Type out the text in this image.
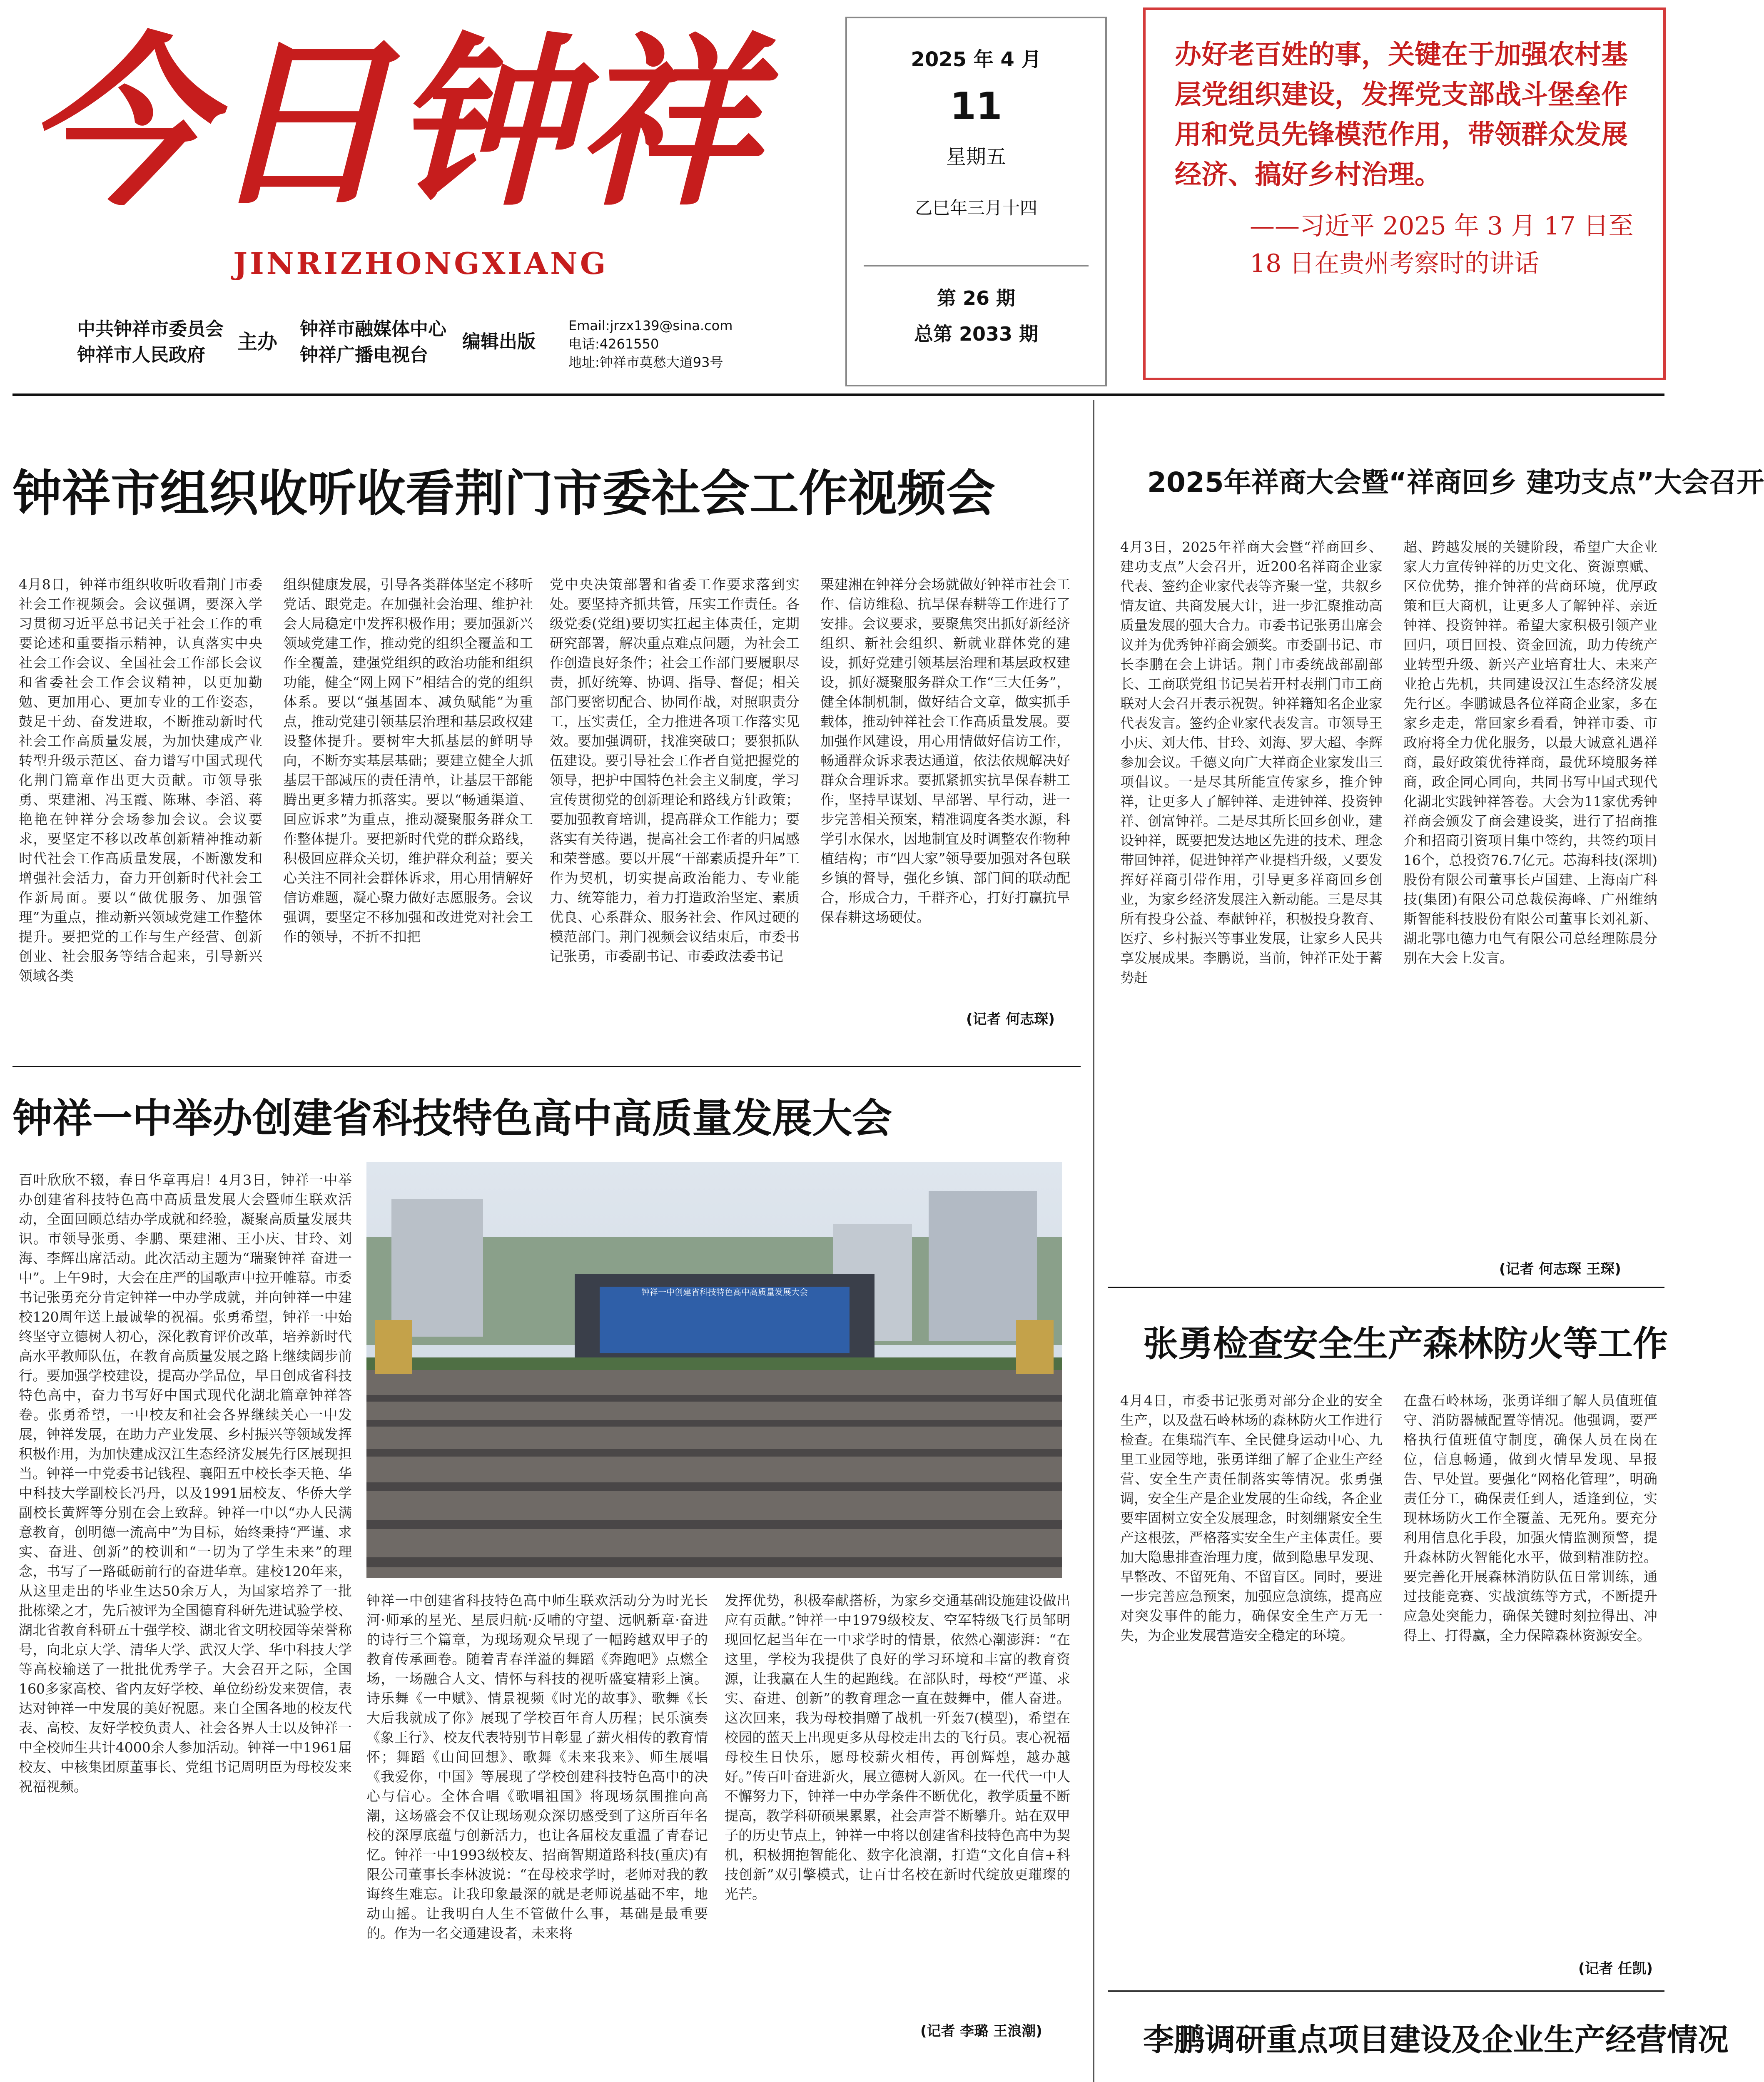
今日钟祥
JINRIZHONGXIANG
中共钟祥市委员会
钟祥市人民政府
主办
钟祥市融媒体中心
钟祥广播电视台
编辑出版
Email:jrzx139@sina.com
电话:4261550
地址:钟祥市莫愁大道93号
2025 年 4 月
11
星期五
乙巳年三月十四
第 26 期
总第 2033 期
办好老百姓的事，关键在于加强农村基层党组织建设，发挥党支部战斗堡垒作用和党员先锋模范作用，带领群众发展经济、搞好乡村治理。
——习近平 2025 年 3 月 17 日至 18 日在贵州考察时的讲话
钟祥市组织收听收看荆门市委社会工作视频会
4月8日，钟祥市组织收听收看荆门市委社会工作视频会。会议强调，要深入学习贯彻习近平总书记关于社会工作的重要论述和重要指示精神，认真落实中央社会工作会议、全国社会工作部长会议和省委社会工作会议精神，以更加勤勉、更加用心、更加专业的工作姿态，鼓足干劲、奋发进取，不断推动新时代社会工作高质量发展，为加快建成产业转型升级示范区、奋力谱写中国式现代化荆门篇章作出更大贡献。市领导张勇、栗建湘、冯玉霞、陈琳、李滔、蒋艳艳在钟祥分会场参加会议。会议要求，要坚定不移以改革创新精神推动新时代社会工作高质量发展，不断激发和增强社会活力，奋力开创新时代社会工作新局面。要以“做优服务、加强管理”为重点，推动新兴领域党建工作整体提升。要把党的工作与生产经营、创新创业、社会服务等结合起来，引导新兴领域各类
组织健康发展，引导各类群体坚定不移听党话、跟党走。在加强社会治理、维护社会大局稳定中发挥积极作用；要加强新兴领域党建工作，推动党的组织全覆盖和工作全覆盖，建强党组织的政治功能和组织功能，健全“网上网下”相结合的党的组织体系。要以“强基固本、减负赋能”为重点，推动党建引领基层治理和基层政权建设整体提升。要树牢大抓基层的鲜明导向，不断夯实基层基础；要建立健全大抓基层干部减压的责任清单，让基层干部能腾出更多精力抓落实。要以“畅通渠道、回应诉求”为重点，推动凝聚服务群众工作整体提升。要把新时代党的群众路线，积极回应群众关切，维护群众利益；要关心关注不同社会群体诉求，用心用情解好信访难题，凝心聚力做好志愿服务。会议强调，要坚定不移加强和改进党对社会工作的领导，不折不扣把
党中央决策部署和省委工作要求落到实处。要坚持齐抓共管，压实工作责任。各级党委(党组)要切实扛起主体责任，定期研究部署，解决重点难点问题，为社会工作创造良好条件；社会工作部门要履职尽责，抓好统筹、协调、指导、督促；相关部门要密切配合、协同作战，对照职责分工，压实责任，全力推进各项工作落实见效。要加强调研，找准突破口；要狠抓队伍建设。要引导社会工作者自觉把握党的领导，把护中国特色社会主义制度，学习宣传贯彻党的创新理论和路线方针政策；要加强教育培训，提高群众工作能力；要落实有关待遇，提高社会工作者的归属感和荣誉感。要以开展“干部素质提升年”工作为契机，切实提高政治能力、专业能力、统筹能力，着力打造政治坚定、素质优良、心系群众、服务社会、作风过硬的模范部门。荆门视频会议结束后，市委书记张勇，市委副书记、市委政法委书记
栗建湘在钟祥分会场就做好钟祥市社会工作、信访维稳、抗旱保春耕等工作进行了安排。会议要求，要聚焦突出抓好新经济组织、新社会组织、新就业群体党的建设，抓好党建引领基层治理和基层政权建设，抓好凝聚服务群众工作“三大任务”，健全体制机制，做好结合文章，做实抓手载体，推动钟祥社会工作高质量发展。要加强作风建设，用心用情做好信访工作，畅通群众诉求表达通道，依法依规解决好群众合理诉求。要抓紧抓实抗旱保春耕工作，坚持早谋划、早部署、早行动，进一步完善相关预案，精准调度各类水源，科学引水保水，因地制宜及时调整农作物种植结构；市“四大家”领导要加强对各包联乡镇的督导，强化乡镇、部门间的联动配合，形成合力，千群齐心，打好打赢抗旱保春耕这场硬仗。
(记者 何志琛)
2025年祥商大会暨“祥商回乡 建功支点”大会召开
4月3日，2025年祥商大会暨“祥商回乡、建功支点”大会召开，近200名祥商企业家代表、签约企业家代表等齐聚一堂，共叙乡情友谊、共商发展大计，进一步汇聚推动高质量发展的强大合力。市委书记张勇出席会议并为优秀钟祥商会颁奖。市委副书记、市长李鹏在会上讲话。荆门市委统战部副部长、工商联党组书记吴若开村表荆门市工商联对大会召开表示祝贺。钟祥籍知名企业家代表发言。签约企业家代表发言。市领导王小庆、刘大伟、甘玲、刘海、罗大超、李辉参加会议。千德义向广大祥商企业家发出三项倡议。一是尽其所能宣传家乡，推介钟祥，让更多人了解钟祥、走进钟祥、投资钟祥、创富钟祥。二是尽其所长回乡创业，建设钟祥，既要把发达地区先进的技术、理念带回钟祥，促进钟祥产业提档升级，又要发挥好祥商引带作用，引导更多祥商回乡创业，为家乡经济发展注入新动能。三是尽其所有投身公益、奉献钟祥，积极投身教育、医疗、乡村振兴等事业发展，让家乡人民共享发展成果。李鹏说，当前，钟祥正处于蓄势赶
超、跨越发展的关键阶段，希望广大企业家大力宣传钟祥的历史文化、资源禀赋、区位优势，推介钟祥的营商环境，优厚政策和巨大商机，让更多人了解钟祥、亲近钟祥、投资钟祥。希望大家积极引领产业回归，项目回投、资金回流，助力传统产业转型升级、新兴产业培育壮大、未来产业抢占先机，共同建设汉江生态经济发展先行区。李鹏诚恳各位祥商企业家，多在家乡走走，常回家乡看看，钟祥市委、市政府将全力优化服务，以最大诚意礼遇祥商，最好政策优待祥商，最优环境服务祥商，政企同心同向，共同书写中国式现代化湖北实践钟祥答卷。大会为11家优秀钟祥商会颁发了商会建设奖，进行了招商推介和招商引资项目集中签约，共签约项目16个，总投资76.7亿元。芯海科技(深圳)股份有限公司董事长卢国建、上海南广科技(集团)有限公司总裁侯海峰、广州维纳斯智能科技股份有限公司董事长刘礼新、湖北鄂电德力电气有限公司总经理陈晨分别在大会上发言。
(记者 何志琛 王琛)
钟祥一中举办创建省科技特色高中高质量发展大会
百叶欣欣不辍，春日华章再启！4月3日，钟祥一中举办创建省科技特色高中高质量发展大会暨师生联欢活动，全面回顾总结办学成就和经验，凝聚高质量发展共识。市领导张勇、李鹏、栗建湘、王小庆、甘玲、刘海、李辉出席活动。此次活动主题为“瑞聚钟祥 奋进一中”。上午9时，大会在庄严的国歌声中拉开帷幕。市委书记张勇充分肯定钟祥一中办学成就，并向钟祥一中建校120周年送上最诚挚的祝福。张勇希望，钟祥一中始终坚守立德树人初心，深化教育评价改革，培养新时代高水平教师队伍，在教育高质量发展之路上继续阔步前行。要加强学校建设，提高办学品位，早日创成省科技特色高中，奋力书写好中国式现代化湖北篇章钟祥答卷。张勇希望，一中校友和社会各界继续关心一中发展，钟祥发展，在助力产业发展、乡村振兴等领域发挥积极作用，为加快建成汉江生态经济发展先行区展现担当。钟祥一中党委书记钱程、襄阳五中校长李天艳、华中科技大学副校长冯丹，以及1991届校友、华侨大学副校长黄辉等分别在会上致辞。钟祥一中以“办人民满意教育，创明德一流高中”为目标，始终秉持“严谨、求实、奋进、创新”的校训和“一切为了学生未来”的理念，书写了一路砥砺前行的奋进华章。建校120年来，从这里走出的毕业生达50余万人，为国家培养了一批批栋梁之才，先后被评为全国德育科研先进试验学校、湖北省教育科研五十强学校、湖北省文明校园等荣誉称号，向北京大学、清华大学、武汉大学、华中科技大学等高校输送了一批批优秀学子。大会召开之际，全国160多家高校、省内友好学校、单位纷纷发来贺信，表达对钟祥一中发展的美好祝愿。来自全国各地的校友代表、高校、友好学校负责人、社会各界人士以及钟祥一中全校师生共计4000余人参加活动。钟祥一中1961届校友、中核集团原董事长、党组书记周明臣为母校发来祝福视频。
钟祥一中创建省科技特色高中高质量发展大会
钟祥一中创建省科技特色高中师生联欢活动分为时光长河·师承的星光、星辰归航·反哺的守望、远帆新章·奋进的诗行三个篇章，为现场观众呈现了一幅跨越双甲子的教育传承画卷。随着青春洋溢的舞蹈《奔跑吧》点燃全场，一场融合人文、情怀与科技的视听盛宴精彩上演。诗乐舞《一中赋》、情景视频《时光的故事》、歌舞《长大后我就成了你》展现了学校百年育人历程；民乐演奏《象王行》、校友代表特别节目彰显了薪火相传的教育情怀；舞蹈《山间回想》、歌舞《未来我来》、师生展唱《我爱你，中国》等展现了学校创建科技特色高中的决心与信心。全体合唱《歌唱祖国》将现场氛围推向高潮，这场盛会不仅让现场观众深切感受到了这所百年名校的深厚底蕴与创新活力，也让各届校友重温了青春记忆。钟祥一中1993级校友、招商智期道路科技(重庆)有限公司董事长李林波说：“在母校求学时，老师对我的教诲终生难忘。让我印象最深的就是老师说基础不牢，地动山摇。让我明白人生不管做什么事，基础是最重要的。作为一名交通建设者，未来将
发挥优势，积极奉献搭桥，为家乡交通基础设施建设做出应有贡献。”钟祥一中1979级校友、空军特级飞行员邹明现回忆起当年在一中求学时的情景，依然心潮澎湃：“在这里，学校为我提供了良好的学习环境和丰富的教育资源，让我赢在人生的起跑线。在部队时，母校“严谨、求实、奋进、创新”的教育理念一直在鼓舞中，催人奋进。这次回来，我为母校捐赠了战机一歼轰7(模型)，希望在校园的蓝天上出现更多从母校走出去的飞行员。衷心祝福母校生日快乐，愿母校薪火相传，再创辉煌，越办越好。”传百叶奋进新火，展立德树人新风。在一代代一中人不懈努力下，钟祥一中办学条件不断优化，教学质量不断提高，教学科研硕果累累，社会声誉不断攀升。站在双甲子的历史节点上，钟祥一中将以创建省科技特色高中为契机，积极拥抱智能化、数字化浪潮，打造“文化自信+科技创新”双引擎模式，让百廿名校在新时代绽放更璀璨的光芒。
(记者 李璐 王浪潮)
张勇检查安全生产森林防火等工作
4月4日，市委书记张勇对部分企业的安全生产，以及盘石岭林场的森林防火工作进行检查。在集瑞汽车、全民健身运动中心、九里工业园等地，张勇详细了解了企业生产经营、安全生产责任制落实等情况。张勇强调，安全生产是企业发展的生命线，各企业要牢固树立安全发展理念，时刻绷紧安全生产这根弦，严格落实安全生产主体责任。要加大隐患排查治理力度，做到隐患早发现、早整改、不留死角、不留盲区。同时，要进一步完善应急预案，加强应急演练，提高应对突发事件的能力，确保安全生产万无一失，为企业发展营造安全稳定的环境。
在盘石岭林场，张勇详细了解人员值班值守、消防器械配置等情况。他强调，要严格执行值班值守制度，确保人员在岗在位，信息畅通，做到火情早发现、早报告、早处置。要强化“网格化管理”，明确责任分工，确保责任到人，适逢到位，实现林场防火工作全覆盖、无死角。要充分利用信息化手段，加强火情监测预警，提升森林防火智能化水平，做到精准防控。要完善化开展森林消防队伍日常训练，通过技能竞赛、实战演练等方式，不断提升应急处突能力，确保关键时刻拉得出、冲得上、打得赢，全力保障森林资源安全。
(记者 任凯)
李鹏调研重点项目建设及企业生产经营情况
